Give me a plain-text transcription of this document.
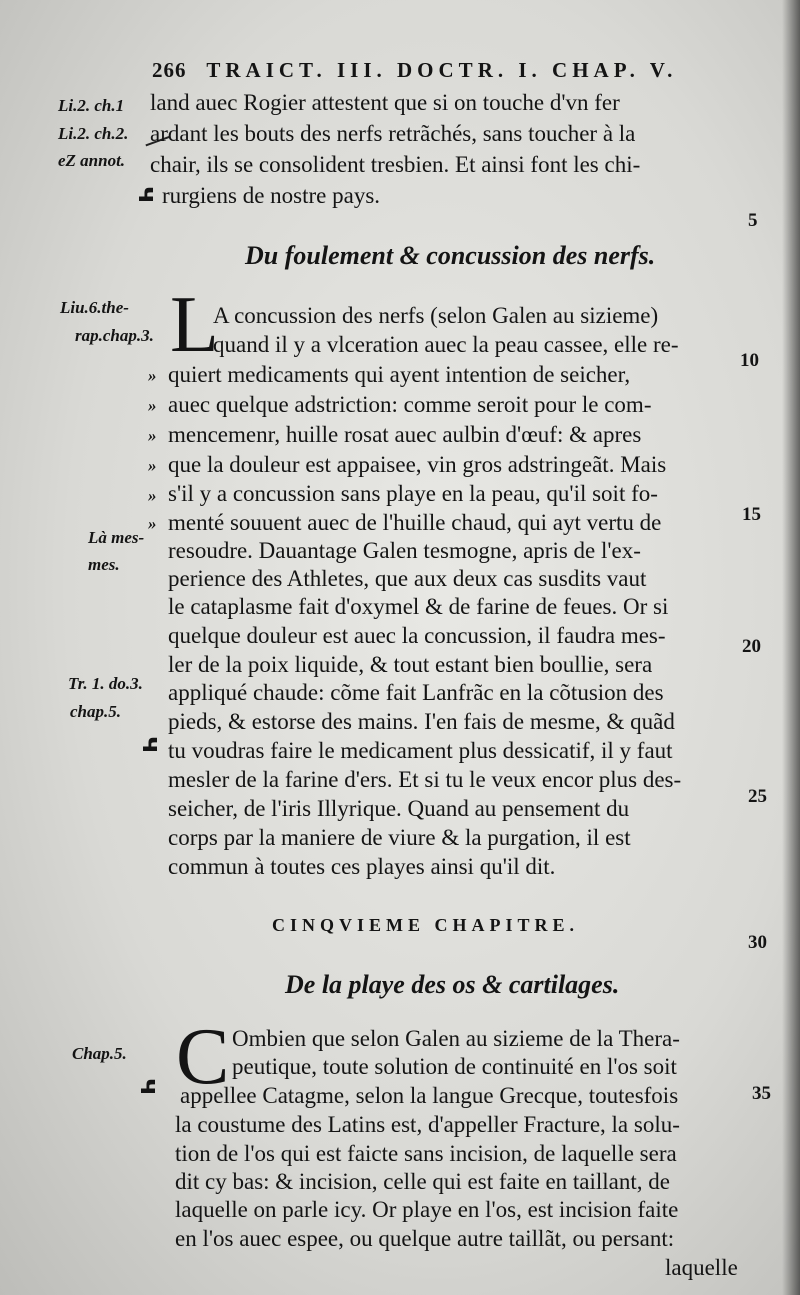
266 TRAICT. III. DOCTR. I. CHAP. V.
Li.2. ch.1
Li.2. ch.2.
eZ annot.
Liu.6.the-
rap.chap.3.
Là mes-
mes.
Tr. 1. do.3.
chap.5.
Chap.5.
ч
ч
ч
land auec Rogier attestent que si on touche d'vn fer
ardant les bouts des nerfs retrãchés, sans toucher à la
chair, ils se consolident tresbien. Et ainsi font les chi-
rurgiens de nostre pays.
Du foulement & concussion des nerfs.
L
A concussion des nerfs (selon Galen au sizieme)
quand il y a vlceration auec la peau cassee, elle re-
»
»
»
»
»
»
quiert medicaments qui ayent intention de seicher,
auec quelque adstriction: comme seroit pour le com-
mencemenr, huille rosat auec aulbin d'œuf: & apres
que la douleur est appaisee, vin gros adstringeãt. Mais
s'il y a concussion sans playe en la peau, qu'il soit fo-
menté souuent auec de l'huille chaud, qui ayt vertu de
resoudre. Dauantage Galen tesmogne, apris de l'ex-
perience des Athletes, que aux deux cas susdits vaut
le cataplasme fait d'oxymel & de farine de feues. Or si
quelque douleur est auec la concussion, il faudra mes-
ler de la poix liquide, & tout estant bien boullie, sera
appliqué chaude: cõme fait Lanfrãc en la cõtusion des
pieds, & estorse des mains. I'en fais de mesme, & quãd
tu voudras faire le medicament plus dessicatif, il y faut
mesler de la farine d'ers. Et si tu le veux encor plus des-
seicher, de l'iris Illyrique. Quand au pensement du
corps par la maniere de viure & la purgation, il est
commun à toutes ces playes ainsi qu'il dit.
CINQVIEME CHAPITRE.
De la playe des os & cartilages.
C Ombien que selon Galen au sizieme de la Thera-
peutique, toute solution de continuité en l'os soit
appellee Catagme, selon la langue Grecque, toutesfois
la coustume des Latins est, d'appeller Fracture, la solu-
tion de l'os qui est faicte sans incision, de laquelle sera
dit cy bas: & incision, celle qui est faite en taillant, de
laquelle on parle icy. Or playe en l'os, est incision faite
en l'os auec espee, ou quelque autre taillãt, ou persant:
laquelle
5
10
15
20
25
30
35
